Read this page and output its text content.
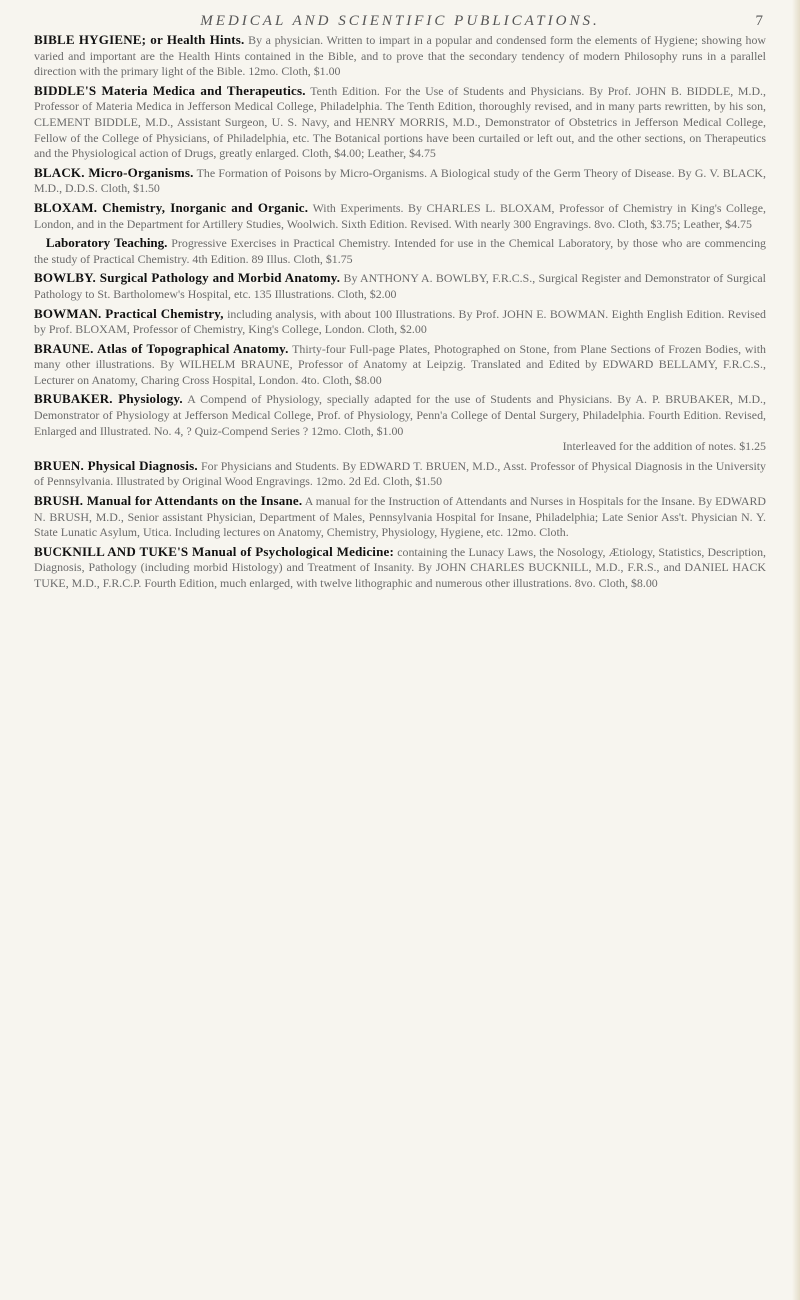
MEDICAL AND SCIENTIFIC PUBLICATIONS.	7

BIBLE HYGIENE; or Health Hints. By a physician. Written to impart in a popular and condensed form the elements of Hygiene; showing how varied and important are the Health Hints contained in the Bible, and to prove that the secondary tendency of modern Philosophy runs in a parallel direction with the primary light of the Bible. 12mo. Cloth, $1.00

BIDDLE'S Materia Medica and Therapeutics. Tenth Edition. For the Use of Students and Physicians. By Prof. JOHN B. BIDDLE, M.D., Professor of Materia Medica in Jefferson Medical College, Philadelphia. The Tenth Edition, thoroughly revised, and in many parts rewritten, by his son, CLEMENT BIDDLE, M.D., Assistant Surgeon, U. S. Navy, and HENRY MORRIS, M.D., Demonstrator of Obstetrics in Jefferson Medical College, Fellow of the College of Physicians, of Philadelphia, etc. The Botanical portions have been curtailed or left out, and the other sections, on Therapeutics and the Physiological action of Drugs, greatly enlarged. Cloth, $4.00; Leather, $4.75

BLACK. Micro-Organisms. The Formation of Poisons by Micro-Organisms. A Biological study of the Germ Theory of Disease. By G. V. BLACK, M.D., D.D.S. Cloth, $1.50

BLOXAM. Chemistry, Inorganic and Organic. With Experiments. By CHARLES L. BLOXAM, Professor of Chemistry in King's College, London, and in the Department for Artillery Studies, Woolwich. Sixth Edition. Revised. With nearly 300 Engravings. 8vo. Cloth, $3.75; Leather, $4.75

 Laboratory Teaching. Progressive Exercises in Practical Chemistry. Intended for use in the Chemical Laboratory, by those who are commencing the study of Practical Chemistry. 4th Edition. 89 Illus. Cloth, $1.75

BOWLBY. Surgical Pathology and Morbid Anatomy. By ANTHONY A. BOWLBY, F.R.C.S., Surgical Register and Demonstrator of Surgical Pathology to St. Bartholomew's Hospital, etc. 135 Illustrations. Cloth, $2.00

BOWMAN. Practical Chemistry, including analysis, with about 100 Illustrations. By Prof. JOHN E. BOWMAN. Eighth English Edition. Revised by Prof. BLOXAM, Professor of Chemistry, King's College, London. Cloth, $2.00

BRAUNE. Atlas of Topographical Anatomy. Thirty-four Full-page Plates, Photographed on Stone, from Plane Sections of Frozen Bodies, with many other illustrations. By WILHELM BRAUNE, Professor of Anatomy at Leipzig. Translated and Edited by EDWARD BELLAMY, F.R.C.S., Lecturer on Anatomy, Charing Cross Hospital, London. 4to. Cloth, $8.00

BRUBAKER. Physiology. A Compend of Physiology, specially adapted for the use of Students and Physicians. By A. P. BRUBAKER, M.D., Demonstrator of Physiology at Jefferson Medical College, Prof. of Physiology, Penn'a College of Dental Surgery, Philadelphia. Fourth Edition. Revised, Enlarged and Illustrated. No. 4, ? Quiz-Compend Series ? 12mo. Cloth, $1.00

Interleaved for the addition of notes. $1.25

BRUEN. Physical Diagnosis. For Physicians and Students. By EDWARD T. BRUEN, M.D., Asst. Professor of Physical Diagnosis in the University of Pennsylvania. Illustrated by Original Wood Engravings. 12mo. 2d Ed. Cloth, $1.50

BRUSH. Manual for Attendants on the Insane. A manual for the Instruction of Attendants and Nurses in Hospitals for the Insane. By EDWARD N. BRUSH, M.D., Senior assistant Physician, Department of Males, Pennsylvania Hospital for Insane, Philadelphia; Late Senior Ass't. Physician N. Y. State Lunatic Asylum, Utica. Including lectures on Anatomy, Chemistry, Physiology, Hygiene, etc. 12mo. Cloth.

BUCKNILL AND TUKE'S Manual of Psychological Medicine: containing the Lunacy Laws, the Nosology, Ætiology, Statistics, Description, Diagnosis, Pathology (including morbid Histology) and Treatment of Insanity. By JOHN CHARLES BUCKNILL, M.D., F.R.S., and DANIEL HACK TUKE, M.D., F.R.C.P. Fourth Edition, much enlarged, with twelve lithographic and numerous other illustrations. 8vo. Cloth, $8.00
